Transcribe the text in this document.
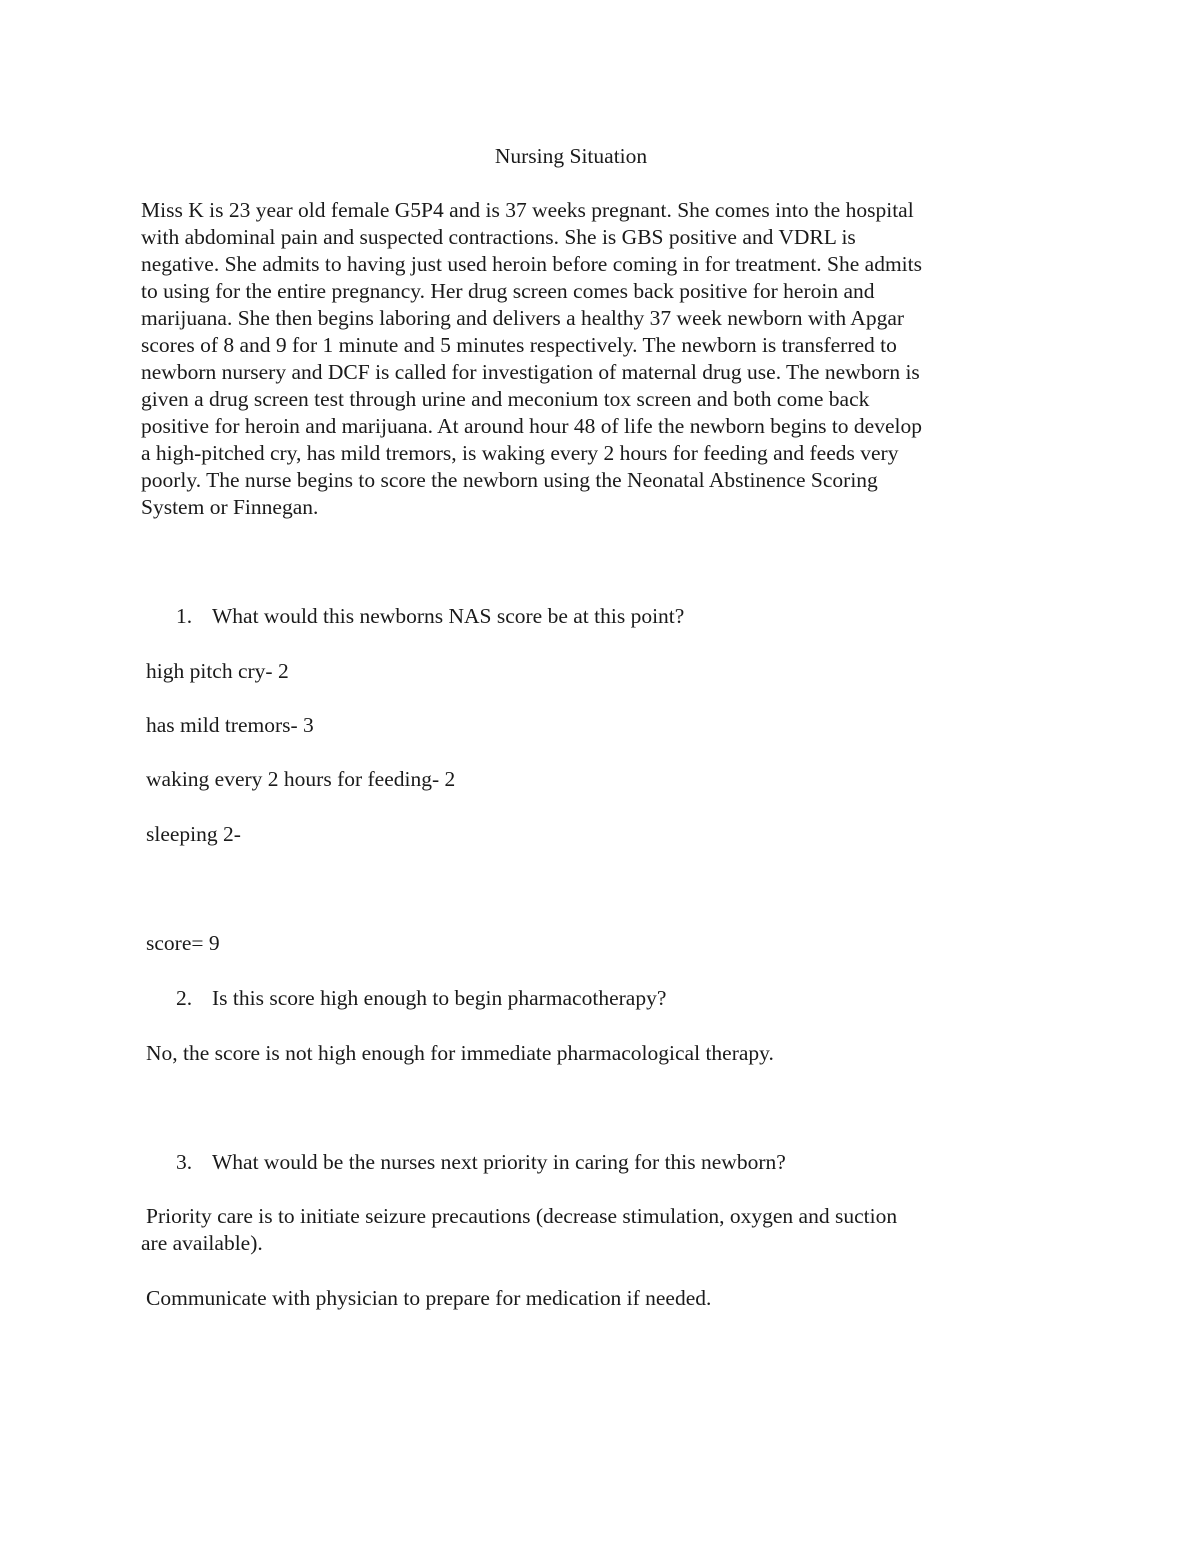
Nursing Situation
Miss K is 23 year old female G5P4 and is 37 weeks pregnant. She comes into the hospital
with abdominal pain and suspected contractions. She is GBS positive and VDRL is
negative. She admits to having just used heroin before coming in for treatment. She admits
to using for the entire pregnancy. Her drug screen comes back positive for heroin and
marijuana. She then begins laboring and delivers a healthy 37 week newborn with Apgar
scores of 8 and 9 for 1 minute and 5 minutes respectively. The newborn is transferred to
newborn nursery and DCF is called for investigation of maternal drug use. The newborn is
given a drug screen test through urine and meconium tox screen and both come back
positive for heroin and marijuana. At around hour 48 of life the newborn begins to develop
a high-pitched cry, has mild tremors, is waking every 2 hours for feeding and feeds very
poorly. The nurse begins to score the newborn using the Neonatal Abstinence Scoring
System or Finnegan.
1. What would this newborns NAS score be at this point?
high pitch cry- 2
has mild tremors- 3
waking every 2 hours for feeding- 2
sleeping 2-
score= 9
2. Is this score high enough to begin pharmacotherapy?
No, the score is not high enough for immediate pharmacological therapy.
3. What would be the nurses next priority in caring for this newborn?
Priority care is to initiate seizure precautions (decrease stimulation, oxygen and suction
are available).
Communicate with physician to prepare for medication if needed.
